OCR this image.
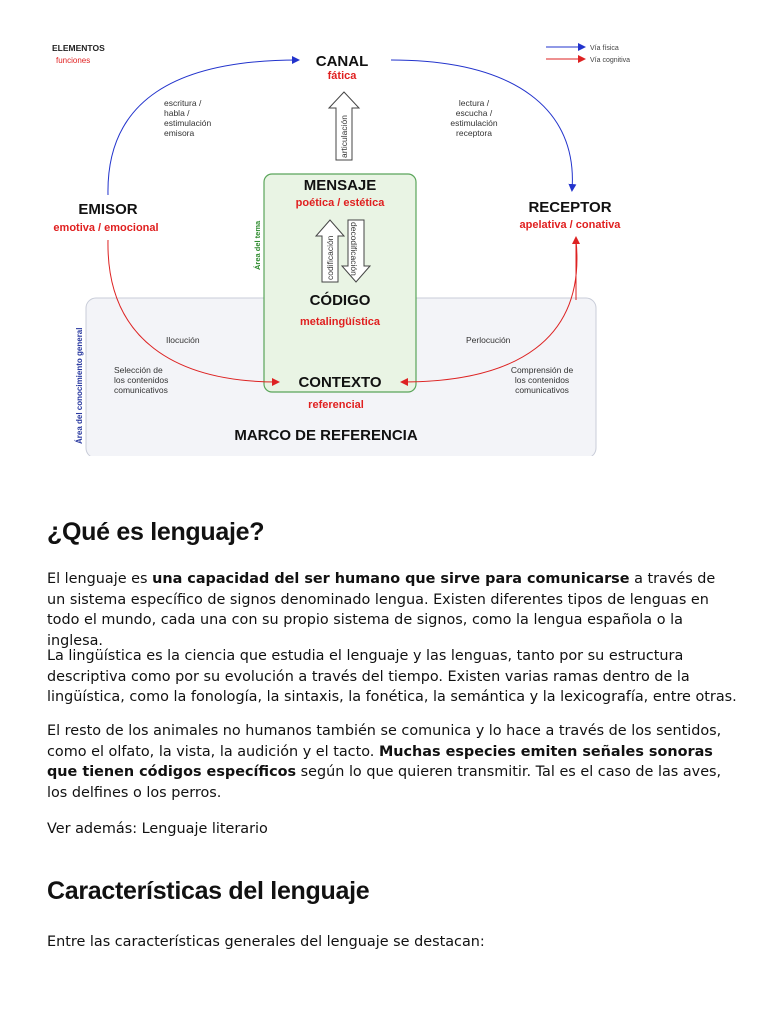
Vía física
Vía cognitiva
ELEMENTOS
funciones	CANAL
fática
articulación
escritura /
habla /
estimulación
emisora
lectura /
escucha /
estimulación
receptora
EMISOR
emotiva / emocional
RECEPTOR
apelativa / conativa
MENSAJE
poética / estética
Área del tema	codificación decodificación
CÓDIGO
metalingüística
Área del conocimiento general	Ilocución	Perlocución
Selección de
los contenidos
comunicativos
Comprensión de
los contenidos
comunicativos
CONTEXTO
referencial
MARCO DE REFERENCIA
¿Qué es lenguaje?

El lenguaje es una capacidad del ser humano que sirve para comunicarse a través de un sistema específico de signos denominado lengua. Existen diferentes tipos de lenguas en todo el mundo, cada una con su propio sistema de signos, como la lengua española o la inglesa.

La lingüística es la ciencia que estudia el lenguaje y las lenguas, tanto por su estructura descriptiva como por su evolución a través del tiempo. Existen varias ramas dentro de la lingüística, como la fonología, la sintaxis, la fonética, la semántica y la lexicografía, entre otras.

El resto de los animales no humanos también se comunica y lo hace a través de los sentidos, como el olfato, la vista, la audición y el tacto. Muchas especies emiten señales sonoras que tienen códigos específicos según lo que quieren transmitir. Tal es el caso de las aves, los delfines o los perros.

Ver además: Lenguaje literario

Características del lenguaje

Entre las características generales del lenguaje se destacan:
